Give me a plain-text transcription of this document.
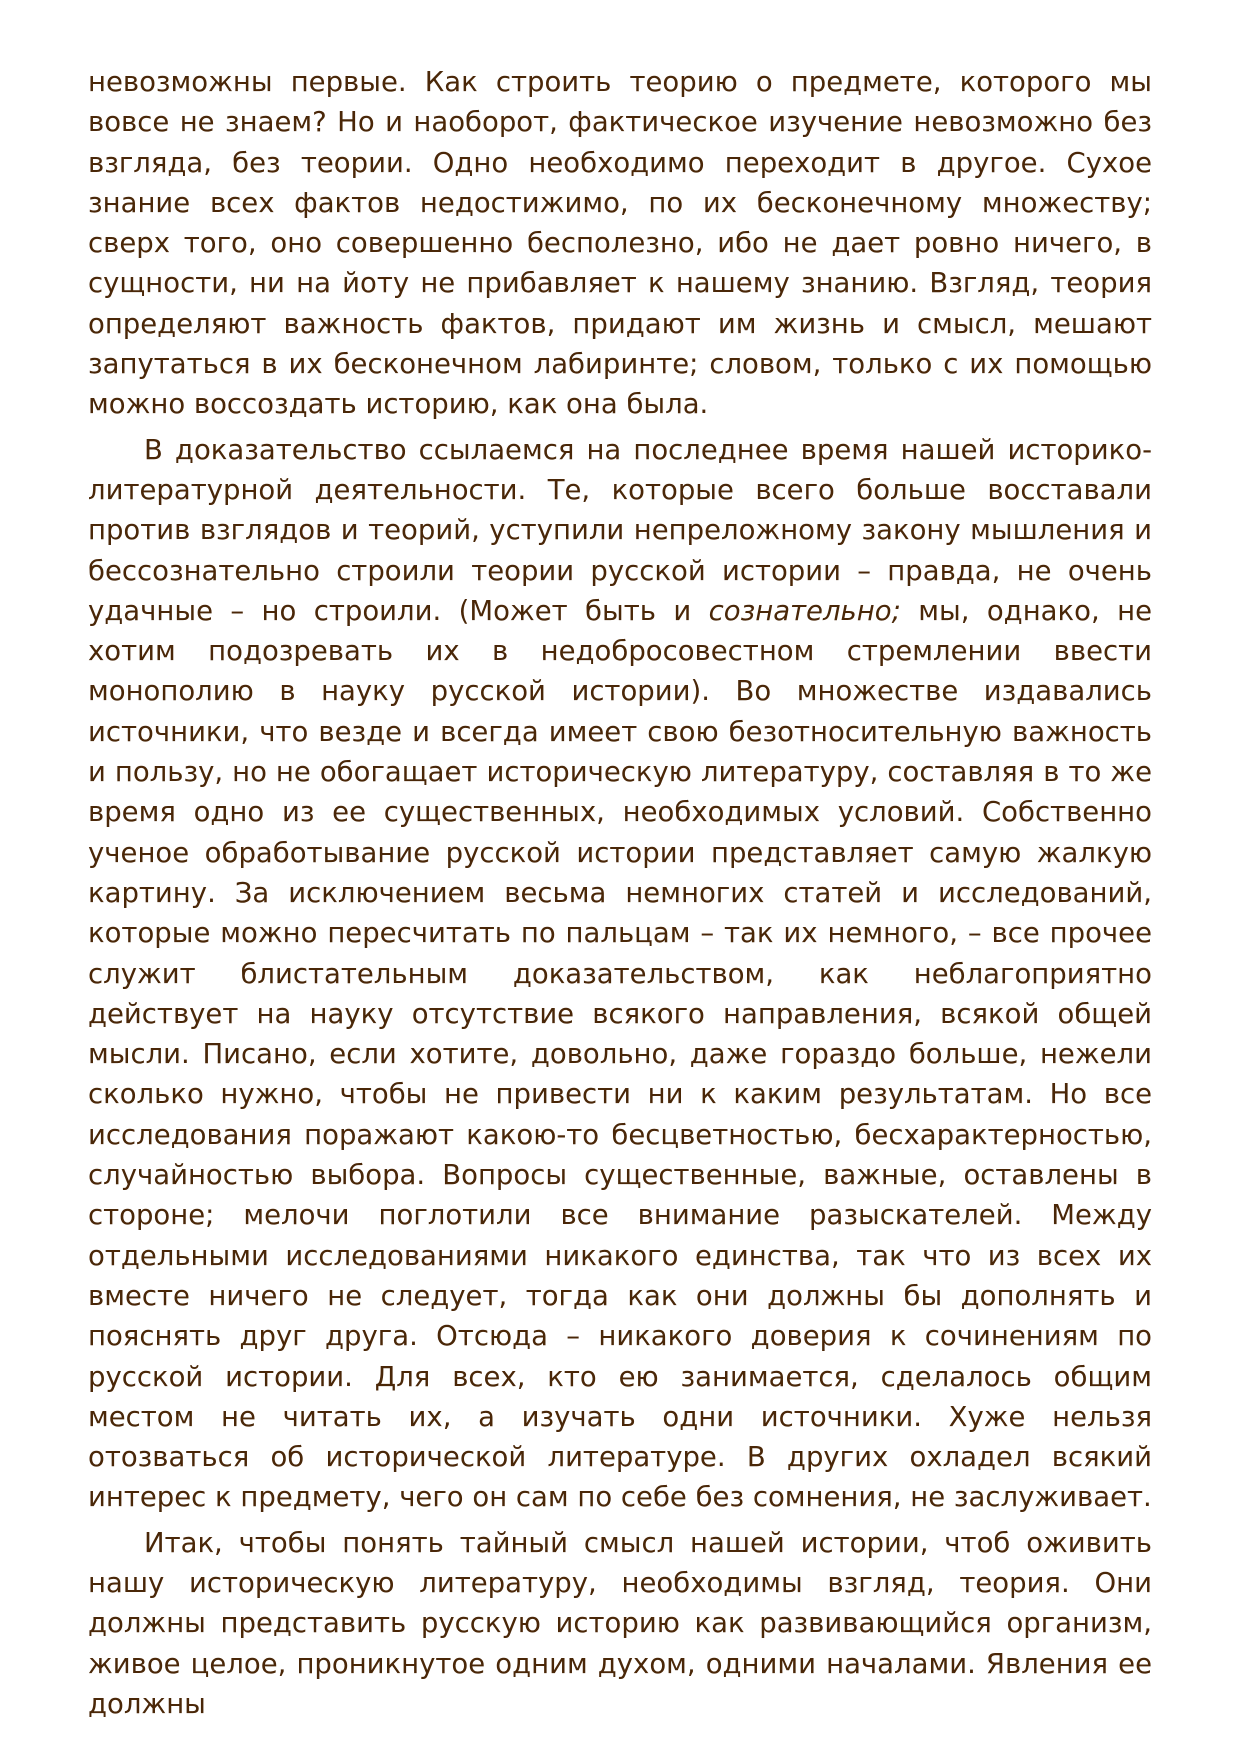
невозможны первые. Как строить теорию о предмете, которого мы вовсе не знаем? Но и наоборот, фактическое изучение невозможно без взгляда, без теории. Одно необходимо переходит в другое. Сухое знание всех фактов недостижимо, по их бесконечному множеству; сверх того, оно совершенно бесполезно, ибо не дает ровно ничего, в сущности, ни на йоту не прибавляет к нашему знанию. Взгляд, теория определяют важность фактов, придают им жизнь и смысл, мешают запутаться в их бесконечном лабиринте; словом, только с их помощью можно воссоздать историю, как она была.

В доказательство ссылаемся на последнее время нашей историко-литературной деятельности. Те, которые всего больше восставали против взглядов и теорий, уступили непреложному закону мышления и бессознательно строили теории русской истории – правда, не очень удачные – но строили. (Может быть и сознательно; мы, однако, не хотим подозревать их в недобросовестном стремлении ввести монополию в науку русской истории). Во множестве издавались источники, что везде и всегда имеет свою безотносительную важность и пользу, но не обогащает историческую литературу, составляя в то же время одно из ее существенных, необходимых условий. Собственно ученое обработывание русской истории представляет самую жалкую картину. За исключением весьма немногих статей и исследований, которые можно пересчитать по пальцам – так их немного, – все прочее служит блистательным доказательством, как неблагоприятно действует на науку отсутствие всякого направления, всякой общей мысли. Писано, если хотите, довольно, даже гораздо больше, нежели сколько нужно, чтобы не привести ни к каким результатам. Но все исследования поражают какою-то бесцветностью, бесхарактерностью, случайностью выбора. Вопросы существенные, важные, оставлены в стороне; мелочи поглотили все внимание разыскателей. Между отдельными исследованиями никакого единства, так что из всех их вместе ничего не следует, тогда как они должны бы дополнять и пояснять друг друга. Отсюда – никакого доверия к сочинениям по русской истории. Для всех, кто ею занимается, сделалось общим местом не читать их, а изучать одни источники. Хуже нельзя отозваться об исторической литературе. В других охладел всякий интерес к предмету, чего он сам по себе без сомнения, не заслуживает.

Итак, чтобы понять тайный смысл нашей истории, чтоб оживить нашу историческую литературу, необходимы взгляд, теория. Они должны представить русскую историю как развивающийся организм, живое целое, проникнутое одним духом, одними началами. Явления ее должны
